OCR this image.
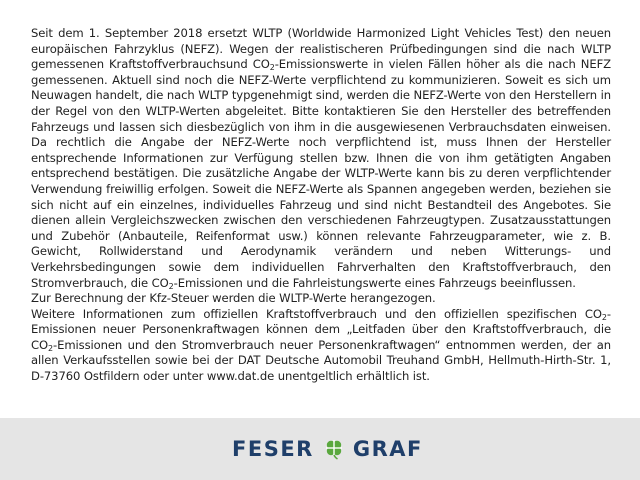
Seit dem 1. September 2018 ersetzt WLTP (Worldwide Harmonized Light Vehicles Test) den neuen europäischen Fahrzyklus (NEFZ). Wegen der realistischeren Prüfbedingungen sind die nach WLTP gemessenen Kraftstoffverbrauchsund $CO_2$-Emissionswerte in vielen Fällen höher als die nach NEFZ gemessenen. Aktuell sind noch die NEFZ-Werte verpflichtend zu kommunizieren. Soweit es sich um Neuwagen handelt, die nach WLTP typgenehmigt sind, werden die NEFZ-Werte von den Herstellern in der Regel von den WLTP-Werten abgeleitet. Bitte kontaktieren Sie den Hersteller des betreffenden Fahrzeugs und lassen sich diesbezüglich von ihm in die ausgewiesenen Verbrauchsdaten einweisen. Da rechtlich die Angabe der NEFZ-Werte noch verpflichtend ist, muss Ihnen der Hersteller entsprechende Informationen zur Verfügung stellen bzw. Ihnen die von ihm getätigten Angaben entsprechend bestätigen. Die zusätzliche Angabe der WLTP-Werte kann bis zu deren verpflichtender Verwendung freiwillig erfolgen. Soweit die NEFZ-Werte als Spannen angegeben werden, beziehen sie sich nicht auf ein einzelnes, individuelles Fahrzeug und sind nicht Bestandteil des Angebotes. Sie dienen allein Vergleichszwecken zwischen den verschiedenen Fahrzeugtypen. Zusatzausstattungen und Zubehör (Anbauteile, Reifenformat usw.) können relevante Fahrzeugparameter, wie z. B. Gewicht, Rollwiderstand und Aerodynamik verändern und neben Witterungs- und Verkehrsbedingungen sowie dem individuellen Fahrverhalten den Kraftstoffverbrauch, den Stromverbrauch, die $CO_2$-Emissionen und die Fahrleistungswerte eines Fahrzeugs beeinflussen.

Zur Berechnung der Kfz-Steuer werden die WLTP-Werte herangezogen.

Weitere Informationen zum offiziellen Kraftstoffverbrauch und den offiziellen spezifischen $CO_2$-Emissionen neuer Personenkraftwagen können dem „Leitfaden über den Kraftstoffverbrauch, die $CO_2$-Emissionen und den Stromverbrauch neuer Personenkraftwagen“ entnommen werden, der an allen Verkaufsstellen sowie bei der DAT Deutsche Automobil Treuhand GmbH, Hellmuth-Hirth-Str. 1, D-73760 Ostfildern oder unter www.dat.de unentgeltlich erhältlich ist.

FESER GRAF
